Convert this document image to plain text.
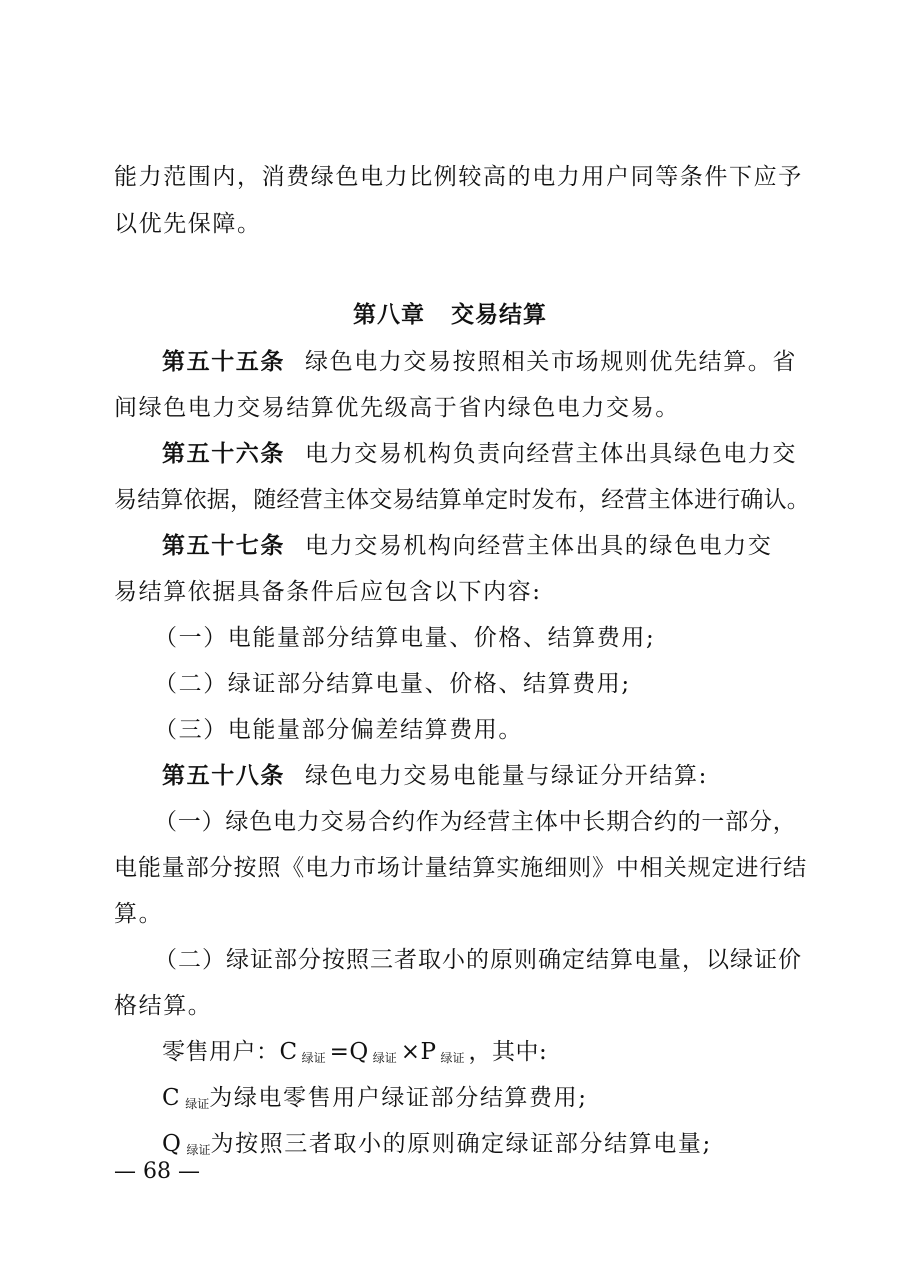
能力范围内，消费绿色电力比例较高的电力用户同等条件下应予
以优先保障。
第八章 交易结算
第五十五条 绿色电力交易按照相关市场规则优先结算。省
间绿色电力交易结算优先级高于省内绿色电力交易。
第五十六条 电力交易机构负责向经营主体出具绿色电力交
易结算依据，随经营主体交易结算单定时发布，经营主体进行确认。
第五十七条 电力交易机构向经营主体出具的绿色电力交
易结算依据具备条件后应包含以下内容:
（一）电能量部分结算电量、价格、结算费用;
（二）绿证部分结算电量、价格、结算费用;
（三）电能量部分偏差结算费用。
第五十八条 绿色电力交易电能量与绿证分开结算:
（一）绿色电力交易合约作为经营主体中长期合约的一部分，
电能量部分按照《电力市场计量结算实施细则》中相关规定进行结
算。
（二）绿证部分按照三者取小的原则确定结算电量，以绿证价
格结算。
零售用户：C $_{绿证}$ =Q $_{绿证}$ ×P $_{绿证}$ ，其中:
C $_{绿证}$为绿电零售用户绿证部分结算费用;
Q $_{绿证}$为按照三者取小的原则确定绿证部分结算电量;
— 68 —
